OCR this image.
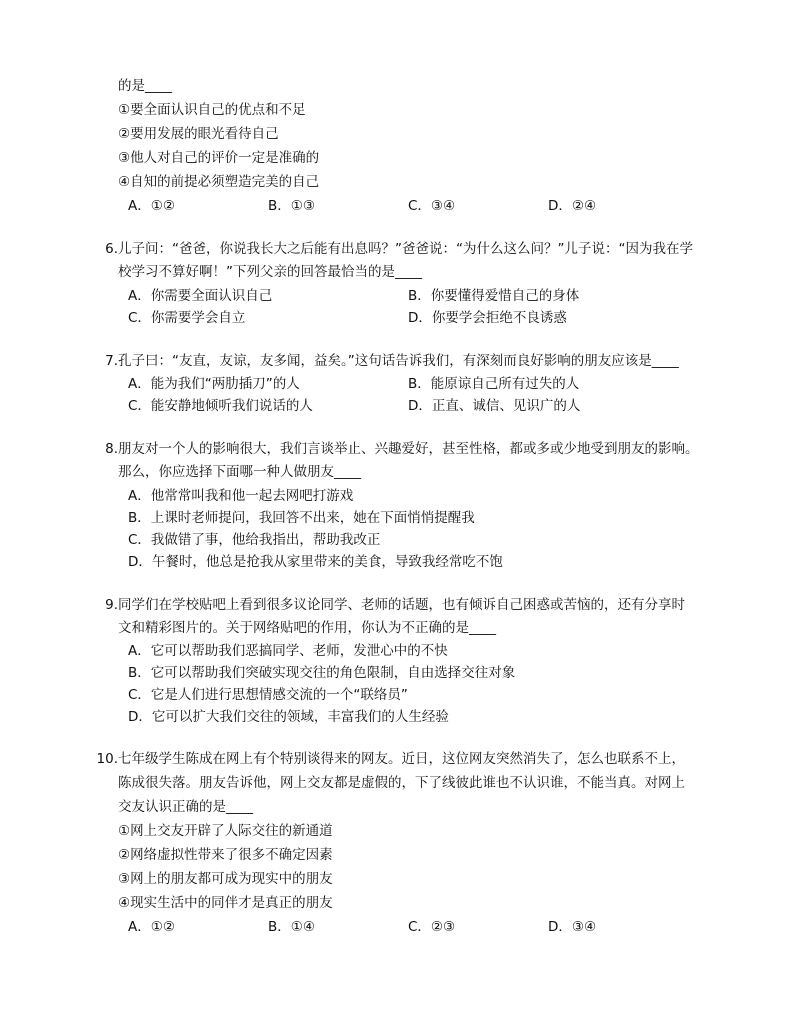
的是____
①要全面认识自己的优点和不足
②要用发展的眼光看待自己
③他人对自己的评价一定是准确的
④自知的前提必须塑造完美的自己
A．①②	B．①③	C．③④	D．②④
6. 儿子问：“爸爸，你说我长大之后能有出息吗？”爸爸说：“为什么这么问？”儿子说：“因为我在学
校学习不算好啊！”下列父亲的回答最恰当的是____
A．你需要全面认识自己	B．你要懂得爱惜自己的身体
C．你需要学会自立	D．你要学会拒绝不良诱惑
7. 孔子曰：“友直，友谅，友多闻，益矣。”这句话告诉我们，有深刻而良好影响的朋友应该是____
A．能为我们“两肋插刀”的人	B．能原谅自己所有过失的人
C．能安静地倾听我们说话的人	D．正直、诚信、见识广的人
8. 朋友对一个人的影响很大，我们言谈举止、兴趣爱好，甚至性格，都或多或少地受到朋友的影响。
那么，你应选择下面哪一种人做朋友____
A．他常常叫我和他一起去网吧打游戏
B．上课时老师提问，我回答不出来，她在下面悄悄提醒我
C．我做错了事，他给我指出，帮助我改正
D．午餐时，他总是抢我从家里带来的美食，导致我经常吃不饱
9. 同学们在学校贴吧上看到很多议论同学、老师的话题，也有倾诉自己困惑或苦恼的，还有分享时
文和精彩图片的。关于网络贴吧的作用，你认为不正确的是____
A．它可以帮助我们恶搞同学、老师，发泄心中的不快
B．它可以帮助我们突破实现交往的角色限制，自由选择交往对象
C．它是人们进行思想情感交流的一个“联络员”
D．它可以扩大我们交往的领域，丰富我们的人生经验
10. 七年级学生陈成在网上有个特别谈得来的网友。近日，这位网友突然消失了，怎么也联系不上，
陈成很失落。朋友告诉他，网上交友都是虚假的，下了线彼此谁也不认识谁，不能当真。对网上
交友认识正确的是____
①网上交友开辟了人际交往的新通道
②网络虚拟性带来了很多不确定因素
③网上的朋友都可成为现实中的朋友
④现实生活中的同伴才是真正的朋友
A．①②	B．①④	C．②③	D．③④
